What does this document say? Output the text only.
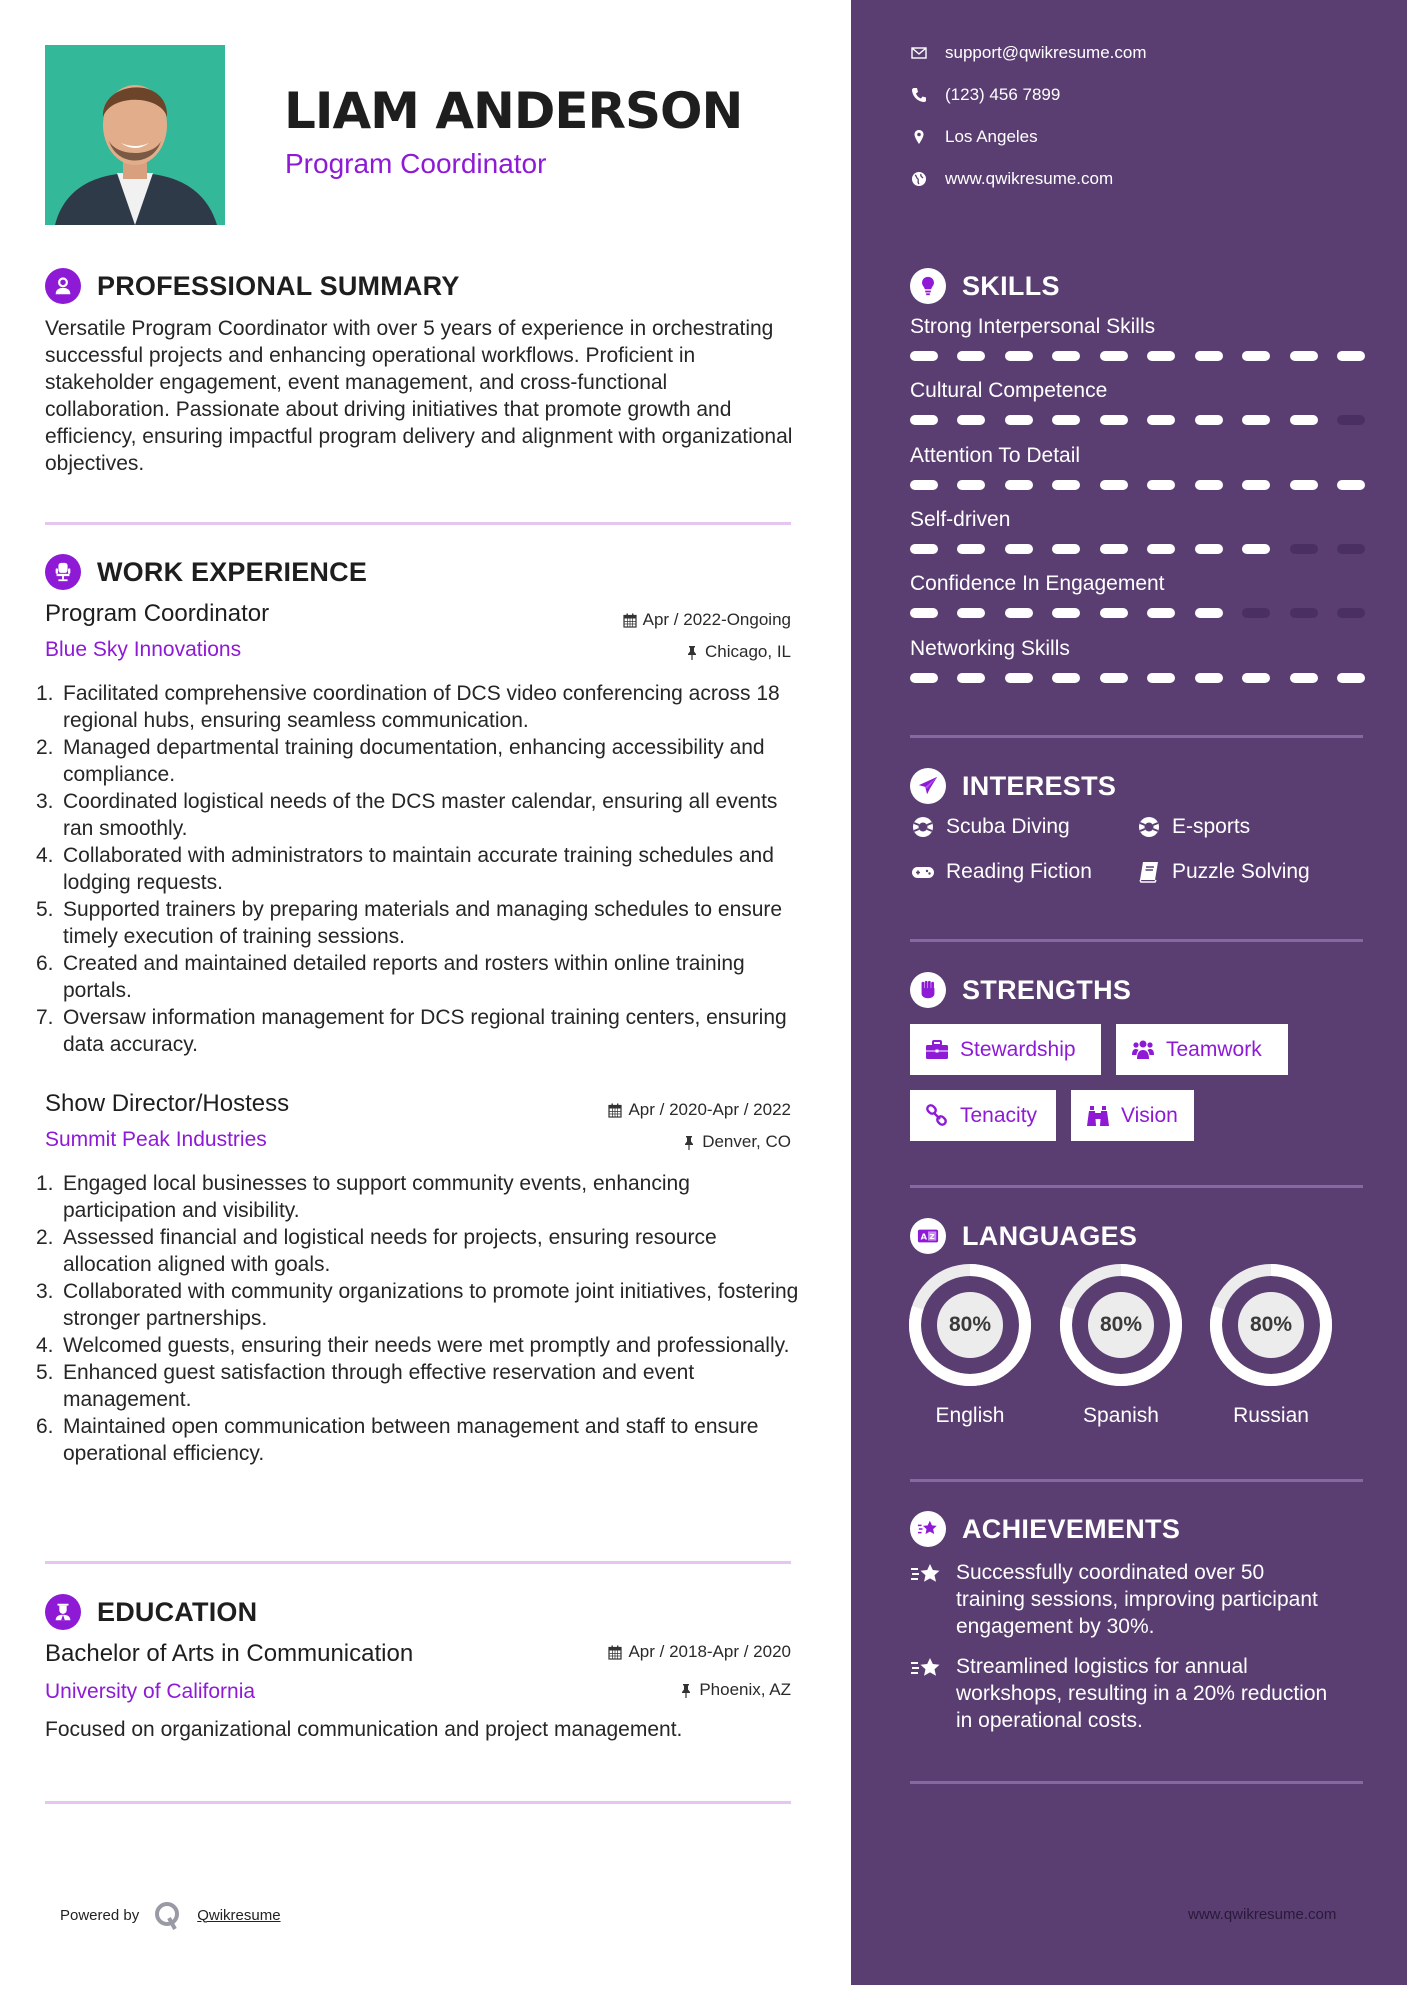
LIAM ANDERSON
Program Coordinator
PROFESSIONAL SUMMARY
Versatile Program Coordinator with over 5 years of experience in orchestrating successful projects and enhancing operational workflows. Proficient in stakeholder engagement, event management, and cross-functional collaboration. Passionate about driving initiatives that promote growth and efficiency, ensuring impactful program delivery and alignment with organizational objectives.
WORK EXPERIENCE
Program Coordinator	Apr / 2022-Ongoing
Blue Sky Innovations	Chicago, IL
1. Facilitated comprehensive coordination of DCS video conferencing across 18 regional hubs, ensuring seamless communication.
2. Managed departmental training documentation, enhancing accessibility and compliance.
3. Coordinated logistical needs of the DCS master calendar, ensuring all events ran smoothly.
4. Collaborated with administrators to maintain accurate training schedules and lodging requests.
5. Supported trainers by preparing materials and managing schedules to ensure timely execution of training sessions.
6. Created and maintained detailed reports and rosters within online training portals.
7. Oversaw information management for DCS regional training centers, ensuring data accuracy.
Show Director/Hostess	Apr / 2020-Apr / 2022
Summit Peak Industries	Denver, CO
1. Engaged local businesses to support community events, enhancing participation and visibility.
2. Assessed financial and logistical needs for projects, ensuring resource allocation aligned with goals.
3. Collaborated with community organizations to promote joint initiatives, fostering stronger partnerships.
4. Welcomed guests, ensuring their needs were met promptly and professionally.
5. Enhanced guest satisfaction through effective reservation and event management.
6. Maintained open communication between management and staff to ensure operational efficiency.
EDUCATION
Bachelor of Arts in Communication	Apr / 2018-Apr / 2020
University of California	Phoenix, AZ
Focused on organizational communication and project management.
Powered by	Qwikresume
support@qwikresume.com
(123) 456 7899
Los Angeles
www.qwikresume.com
SKILLS
Strong Interpersonal Skills
Cultural Competence
Attention To Detail
Self-driven
Confidence In Engagement
Networking Skills
INTERESTS
Scuba Diving	E-sports
Reading Fiction	Puzzle Solving
STRENGTHS
Stewardship	Teamwork
Tenacity	Vision
A Z LANGUAGES
80%
English
80%
Spanish
80%
Russian
ACHIEVEMENTS
Successfully coordinated over 50 training sessions, improving participant engagement by 30%.
Streamlined logistics for annual workshops, resulting in a 20% reduction in operational costs.
www.qwikresume.com
